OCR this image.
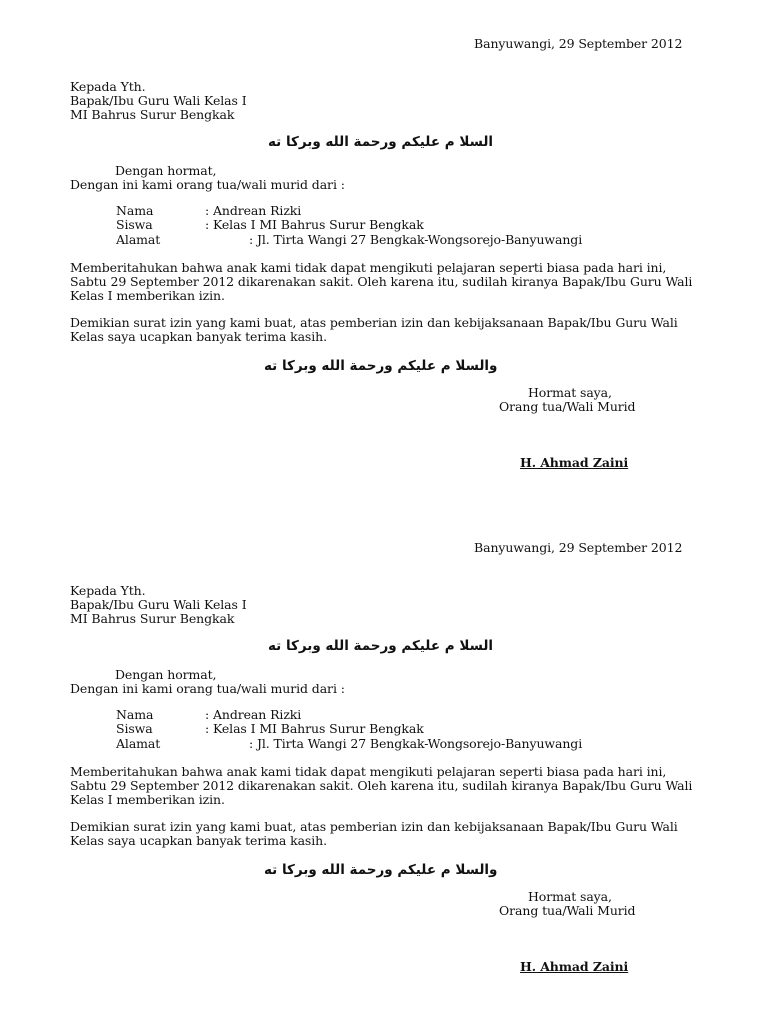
Banyuwangi, 29 September 2012
Kepada Yth.
Bapak/Ibu Guru Wali Kelas I
MI Bahrus Surur Bengkak
السلا م عليكم ورحمة الله وبركا ته
Dengan hormat,
Dengan ini kami orang tua/wali murid dari :
Nama	: Andrean Rizki
Siswa	: Kelas I MI Bahrus Surur Bengkak
Alamat	: Jl. Tirta Wangi 27 Bengkak-Wongsorejo-Banyuwangi
Memberitahukan bahwa anak kami tidak dapat mengikuti pelajaran seperti biasa pada hari ini, Sabtu 29 September 2012 dikarenakan sakit. Oleh karena itu, sudilah kiranya Bapak/Ibu Guru Wali Kelas I memberikan izin.
Demikian surat izin yang kami buat, atas pemberian izin dan kebijaksanaan Bapak/Ibu Guru Wali Kelas saya ucapkan banyak terima kasih.
والسلا م عليكم ورحمة الله وبركا ته
Hormat saya,
Orang tua/Wali Murid
H. Ahmad Zaini
Banyuwangi, 29 September 2012
Kepada Yth.
Bapak/Ibu Guru Wali Kelas I
MI Bahrus Surur Bengkak
السلا م عليكم ورحمة الله وبركا ته
Dengan hormat,
Dengan ini kami orang tua/wali murid dari :
Nama	: Andrean Rizki
Siswa	: Kelas I MI Bahrus Surur Bengkak
Alamat	: Jl. Tirta Wangi 27 Bengkak-Wongsorejo-Banyuwangi
Memberitahukan bahwa anak kami tidak dapat mengikuti pelajaran seperti biasa pada hari ini, Sabtu 29 September 2012 dikarenakan sakit. Oleh karena itu, sudilah kiranya Bapak/Ibu Guru Wali Kelas I memberikan izin.
Demikian surat izin yang kami buat, atas pemberian izin dan kebijaksanaan Bapak/Ibu Guru Wali Kelas saya ucapkan banyak terima kasih.
والسلا م عليكم ورحمة الله وبركا ته
Hormat saya,
Orang tua/Wali Murid
H. Ahmad Zaini
